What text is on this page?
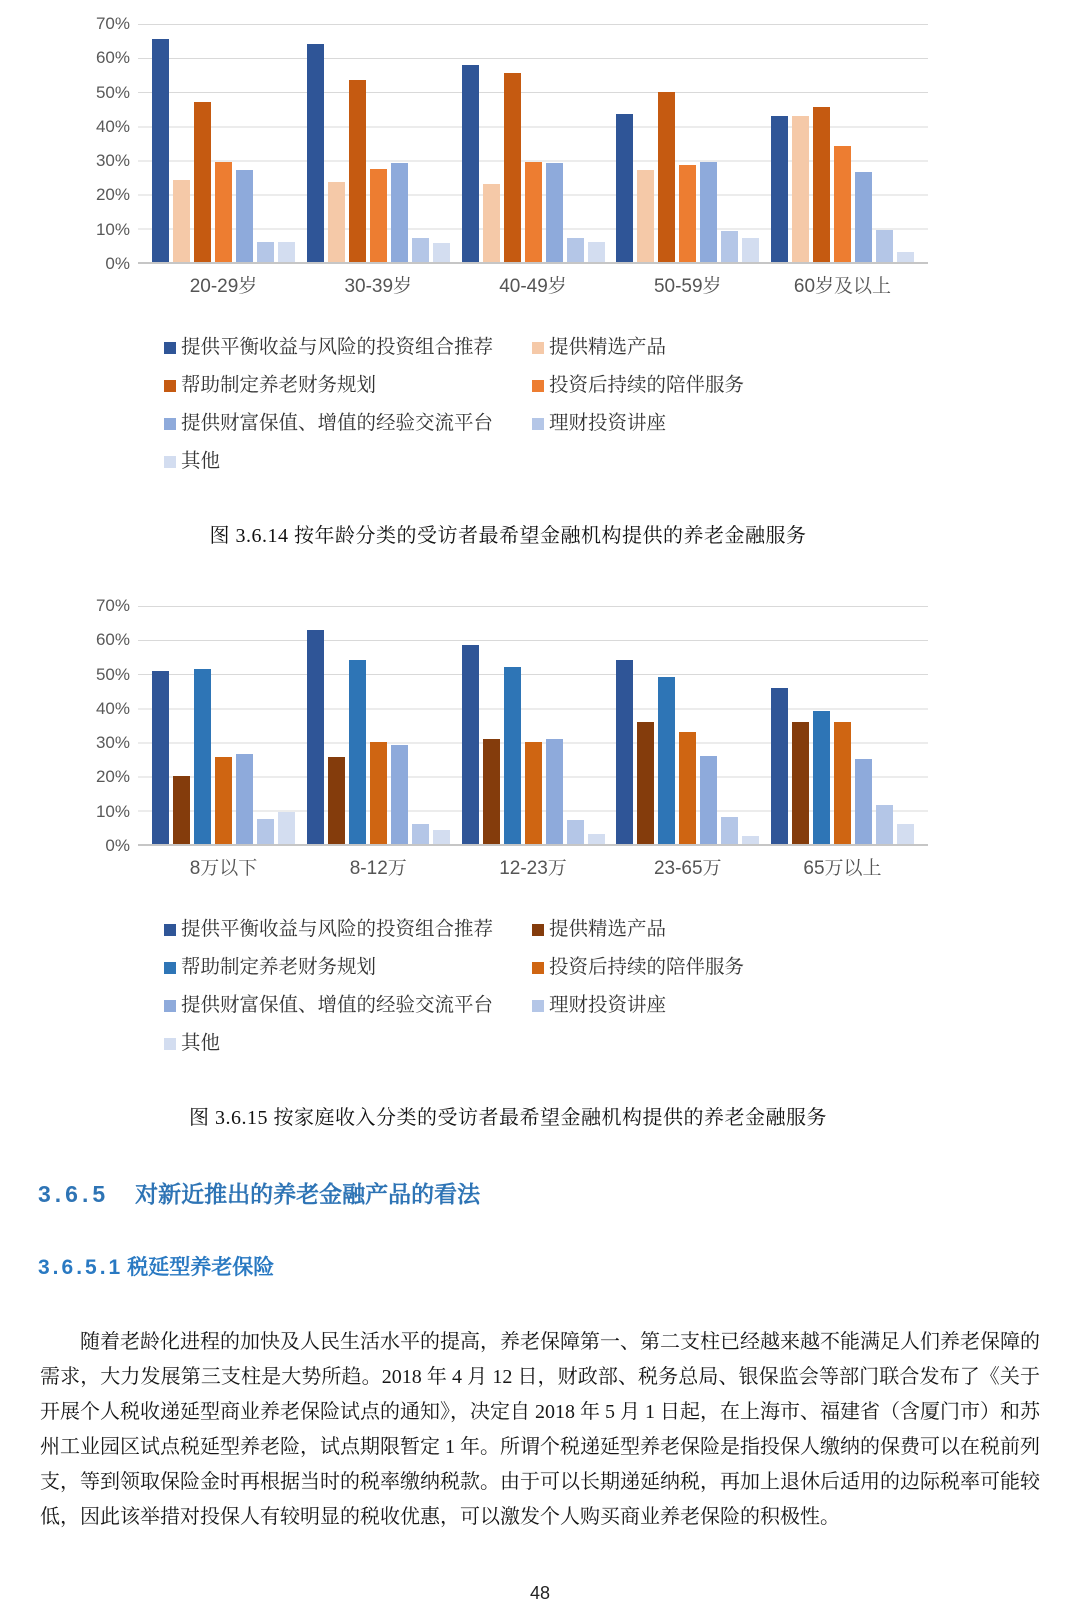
70%
60%
50%
40%
30%
20%
10%
0%
20-29岁	30-39岁	40-49岁	50-59岁	60岁及以上
提供平衡收益与风险的投资组合推荐	提供精选产品
帮助制定养老财务规划	投资后持续的陪伴服务
提供财富保值、增值的经验交流平台	理财投资讲座
其他
图 3.6.14 按年龄分类的受访者最希望金融机构提供的养老金融服务
70%
60%
50%
40%
30%
20%
10%
0%
8万以下	8-12万	12-23万	23-65万	65万以上
提供平衡收益与风险的投资组合推荐	提供精选产品
帮助制定养老财务规划	投资后持续的陪伴服务
提供财富保值、增值的经验交流平台	理财投资讲座
其他
图 3.6.15 按家庭收入分类的受访者最希望金融机构提供的养老金融服务
3.6.5 对新近推出的养老金融产品的看法
3.6.5.1 税延型养老保险

随着老龄化进程的加快及人民生活水平的提高，养老保障第一、第二支柱已经越来越不能满足人们养老保障的需求，大力发展第三支柱是大势所趋。2018 年 4 月 12 日，财政部、税务总局、银保监会等部门联合发布了《关于开展个人税收递延型商业养老保险试点的通知》，决定自 2018 年 5 月 1 日起，在上海市、福建省（含厦门市）和苏州工业园区试点税延型养老险，试点期限暂定 1 年。所谓个税递延型养老保险是指投保人缴纳的保费可以在税前列支，等到领取保险金时再根据当时的税率缴纳税款。由于可以长期递延纳税，再加上退休后适用的边际税率可能较低，因此该举措对投保人有较明显的税收优惠，可以激发个人购买商业养老保险的积极性。

48
